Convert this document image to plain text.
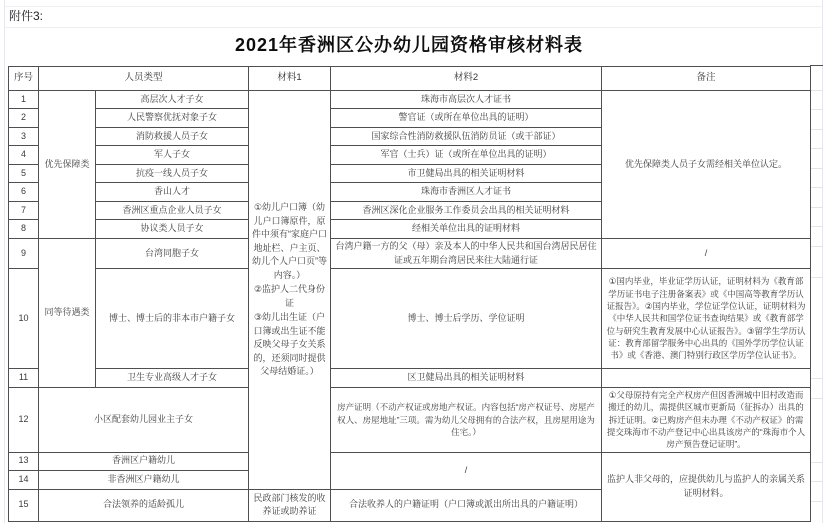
附件3:
2021年香洲区公办幼儿园资格审核材料表
序号	人员类型		材料1	材料2	备注
1	优先保障类	高层次人才子女	①幼儿户口簿（幼儿户口簿原件，原件中须有“家庭户口地址栏、户主页、幼儿个人户口页”等内容。）
②监护人二代身份证
③幼儿出生证（户口簿或出生证不能反映父母子女关系的，还须同时提供父母结婚证。）	珠海市高层次人才证书	优先保障类人员子女需经相关单位认定。
2		人民警察优抚对象子女		警官证（或所在单位出具的证明）	
3		消防救援人员子女		国家综合性消防救援队伍消防员证（或干部证）	
4		军人子女		军官（士兵）证（或所在单位出具的证明）	
5		抗疫一线人员子女		市卫健局出具的相关证明材料	
6		香山人才		珠海市香洲区人才证书	
7		香洲区重点企业人员子女		香洲区深化企业服务工作委员会出具的相关证明材料	
8		协议类人员子女		经相关单位出具的证明材料	
9	同等待遇类	台湾同胞子女		台湾户籍一方的父（母）亲及本人的中华人民共和国台湾居民居住证或五年期台湾居民来往大陆通行证	/
10		博士、博士后的非本市户籍子女		博士、博士后学历、学位证明	①国内毕业，毕业证学历认证，证明材料为《教育部学历证书电子注册备案表》或《中国高等教育学历认证报告》。②国内毕业，学位证学位认证，证明材料为《中华人民共和国学位证书查询结果》或《教育部学位与研究生教育发展中心认证报告》。③留学生学历认证：教育部留学服务中心出具的《国外学历学位认证书》或《香港、澳门特别行政区学历学位认证书》。
11		卫生专业高级人才子女		区卫健局出具的相关证明材料	
12	小区配套幼儿园业主子女			房产证明（不动产权证或房地产权证。内容包括“房产权证号、房屋产权人、房屋地址”三项。需为幼儿父母拥有的合法产权，且房屋用途为住宅。）	①父母原持有完全产权房产但因香洲城中旧村改造而搬迁的幼儿，需提供区城市更新局（征拆办）出具的拆迁证明。②已购房产但未办理《不动产权证》的需提交珠海市不动产登记中心出具该房产的“珠海市个人房产预告登记证明”。
13	香洲区户籍幼儿			/	监护人非父母的，应提供幼儿与监护人的亲属关系证明材料。
14	非香洲区户籍幼儿				
15	合法领养的适龄孤儿		民政部门核发的收养证或助养证	合法收养人的户籍证明（户口簿或派出所出具的户籍证明）	
